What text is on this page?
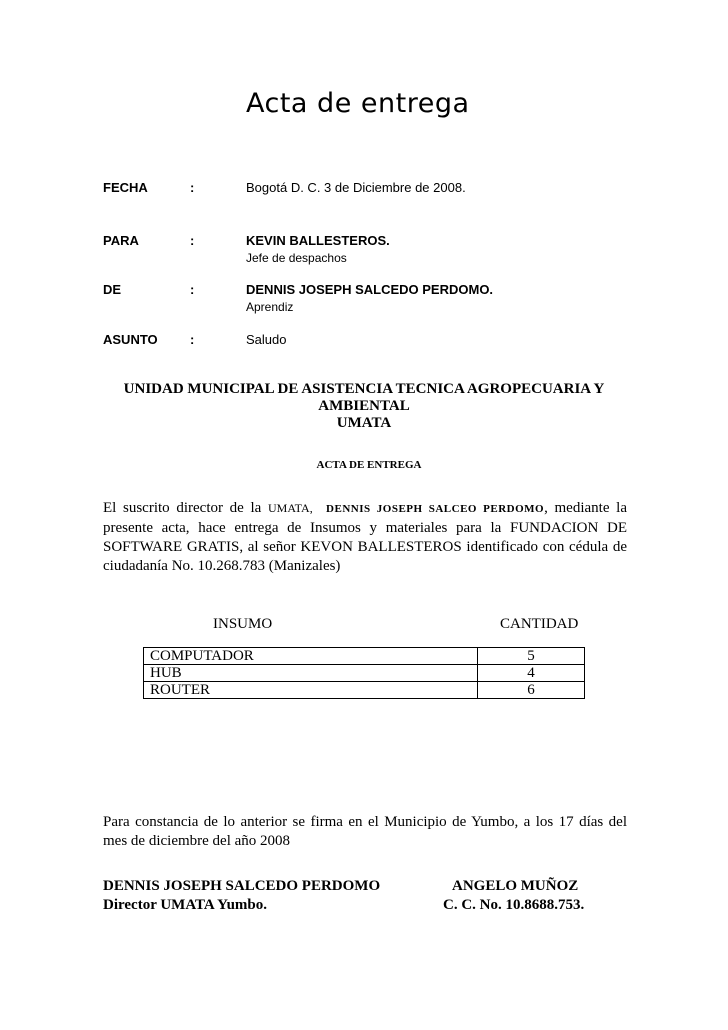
Acta de entrega
FECHA	:	Bogotá D. C. 3 de Diciembre de 2008.
PARA	:	KEVIN BALLESTEROS.
Jefe de despachos
DE	:	DENNIS JOSEPH SALCEDO PERDOMO.
Aprendiz
ASUNTO :	Saludo
UNIDAD MUNICIPAL DE ASISTENCIA TECNICA AGROPECUARIA Y
AMBIENTAL
UMATA
ACTA DE ENTREGA
El suscrito director de la UMATA, DENNIS JOSEPH SALCEO PERDOMO, mediante la presente acta, hace entrega de Insumos y materiales para la FUNDACION DE SOFTWARE GRATIS, al señor KEVON BALLESTEROS identificado con cédula de ciudadanía No. 10.268.783 (Manizales)
INSUMO	CANTIDAD
COMPUTADOR	5
HUB	4
ROUTER	6
Para constancia de lo anterior se firma en el Municipio de Yumbo, a los 17 días del mes de diciembre del año 2008
DENNIS JOSEPH SALCEDO PERDOMO
Director UMATA Yumbo.
ANGELO MUÑOZ
C. C. No. 10.8688.753.
